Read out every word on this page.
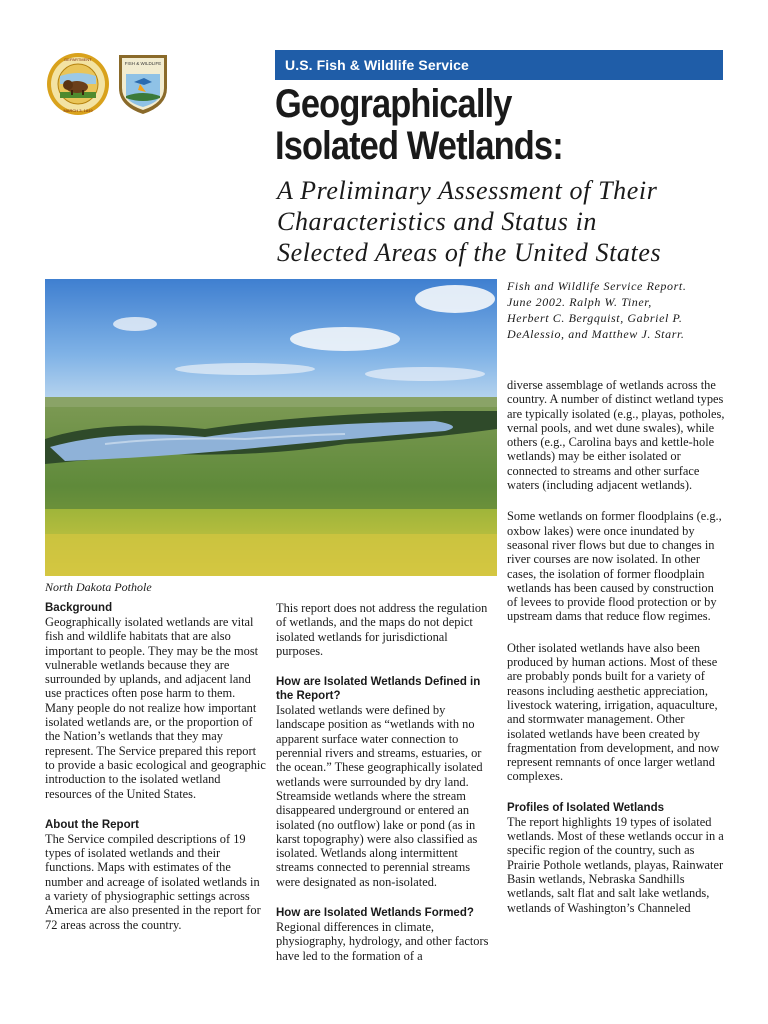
DEPARTMENT
MARCH 3, 1849
FISH & WILDLIFE	U.S. Fish & Wildlife Service
Geographically
Isolated Wetlands:
A Preliminary Assessment of Their
Characteristics and Status in
Selected Areas of the United States
Fish and Wildlife Service Report.
June 2002. Ralph W. Tiner,
Herbert C. Bergquist, Gabriel P.
DeAlessio, and Matthew J. Starr.
North Dakota Pothole
Background

Geographically isolated wetlands are vital fish and wildlife habitats that are also important to people. They may be the most vulnerable wetlands because they are surrounded by uplands, and adjacent land use practices often pose harm to them. Many people do not realize how important isolated wetlands are, or the proportion of the Nation’s wetlands that they may represent. The Service prepared this report to provide a basic ecological and geographic introduction to the isolated wetland resources of the United States.

About the Report

The Service compiled descriptions of 19 types of isolated wetlands and their functions. Maps with estimates of the number and acreage of isolated wetlands in a variety of physiographic settings across America are also presented in the report for 72 areas across the country.

This report does not address the regulation of wetlands, and the maps do not depict isolated wetlands for jurisdictional purposes.

How are Isolated Wetlands Defined in the Report?

Isolated wetlands were defined by landscape position as “wetlands with no apparent surface water connection to perennial rivers and streams, estuaries, or the ocean.” These geographically isolated wetlands were surrounded by dry land. Streamside wetlands where the stream disappeared underground or entered an isolated (no outflow) lake or pond (as in karst topography) were also classified as isolated. Wetlands along intermittent streams connected to perennial streams were designated as non-isolated.

How are Isolated Wetlands Formed?

Regional differences in climate, physiography, hydrology, and other factors have led to the formation of a

diverse assemblage of wetlands across the country. A number of distinct wetland types are typically isolated (e.g., playas, potholes, vernal pools, and wet dune swales), while others (e.g., Carolina bays and kettle-hole wetlands) may be either isolated or connected to streams and other surface waters (including adjacent wetlands).

Some wetlands on former floodplains (e.g., oxbow lakes) were once inundated by seasonal river flows but due to changes in river courses are now isolated. In other cases, the isolation of former floodplain wetlands has been caused by construction of levees to provide flood protection or by upstream dams that reduce flow regimes.

Other isolated wetlands have also been produced by human actions. Most of these are probably ponds built for a variety of reasons including aesthetic appreciation, livestock watering, irrigation, aquaculture, and stormwater management. Other isolated wetlands have been created by fragmentation from development, and now represent remnants of once larger wetland complexes.

Profiles of Isolated Wetlands

The report highlights 19 types of isolated wetlands. Most of these wetlands occur in a specific region of the country, such as Prairie Pothole wetlands, playas, Rainwater Basin wetlands, Nebraska Sandhills wetlands, salt flat and salt lake wetlands, wetlands of Washington’s Channeled
